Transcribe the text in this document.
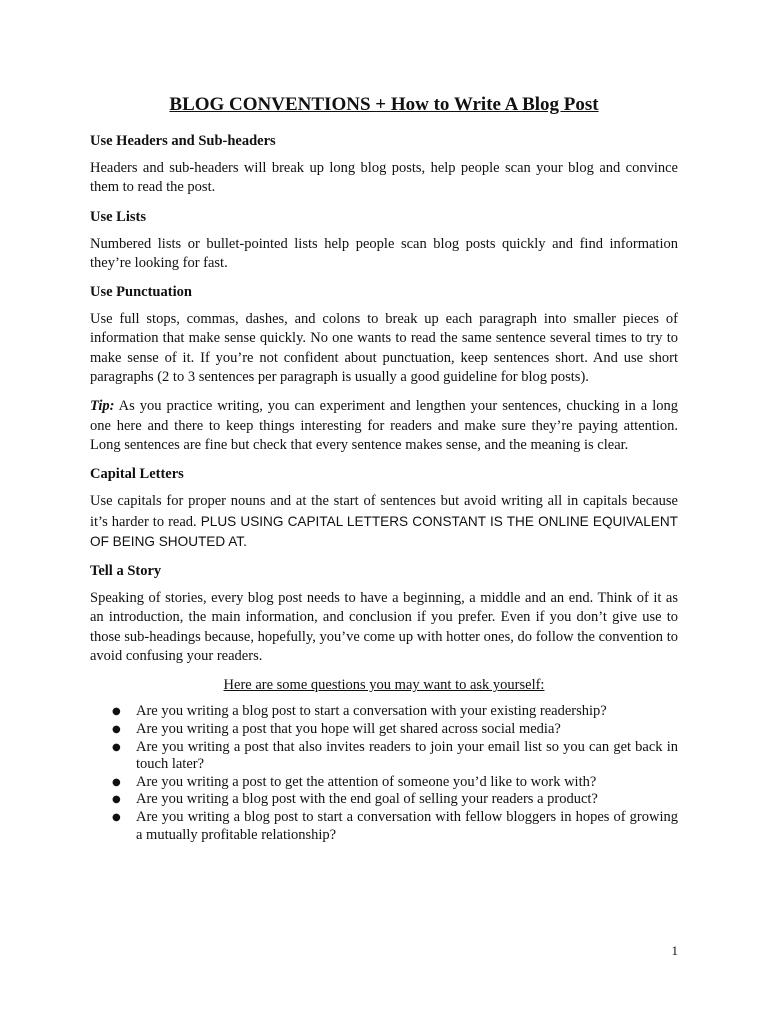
BLOG CONVENTIONS + How to Write A Blog Post
Use Headers and Sub-headers

Headers and sub-headers will break up long blog posts, help people scan your blog and convince them to read the post.

Use Lists

Numbered lists or bullet-pointed lists help people scan blog posts quickly and find information they’re looking for fast.

Use Punctuation

Use full stops, commas, dashes, and colons to break up each paragraph into smaller pieces of information that make sense quickly. No one wants to read the same sentence several times to try to make sense of it. If you’re not confident about punctuation, keep sentences short. And use short paragraphs (2 to 3 sentences per paragraph is usually a good guideline for blog posts).

Tip: As you practice writing, you can experiment and lengthen your sentences, chucking in a long one here and there to keep things interesting for readers and make sure they’re paying attention. Long sentences are fine but check that every sentence makes sense, and the meaning is clear.

Capital Letters

Use capitals for proper nouns and at the start of sentences but avoid writing all in capitals because it’s harder to read. PLUS USING CAPITAL LETTERS CONSTANT IS THE ONLINE EQUIVALENT OF BEING SHOUTED AT.

Tell a Story

Speaking of stories, every blog post needs to have a beginning, a middle and an end. Think of it as an introduction, the main information, and conclusion if you prefer. Even if you don’t give use to those sub-headings because, hopefully, you’ve come up with hotter ones, do follow the convention to avoid confusing your readers.

Here are some questions you may want to ask yourself:
● Are you writing a blog post to start a conversation with your existing readership?
● Are you writing a post that you hope will get shared across social media?
● Are you writing a post that also invites readers to join your email list so you can get back in touch later?
● Are you writing a post to get the attention of someone you’d like to work with?
● Are you writing a blog post with the end goal of selling your readers a product?
● Are you writing a blog post to start a conversation with fellow bloggers in hopes of growing a mutually profitable relationship?
1
